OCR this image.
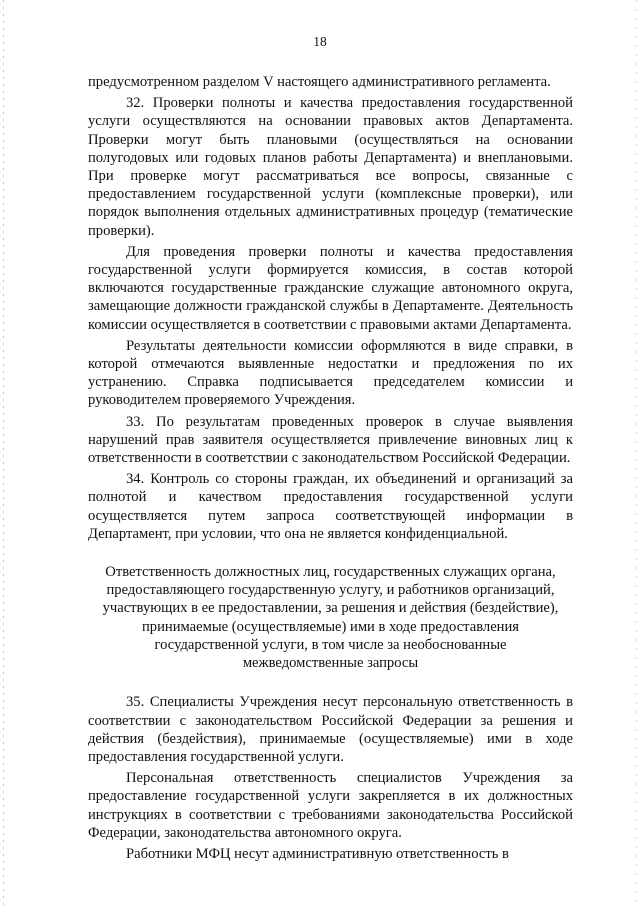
18

предусмотренном разделом V настоящего административного регламента.

32. Проверки полноты и качества предоставления государственной услуги осуществляются на основании правовых актов Департамента. Проверки могут быть плановыми (осуществляться на основании полугодовых или годовых планов работы Департамента) и внеплановыми. При проверке могут рассматриваться все вопросы, связанные с предоставлением государственной услуги (комплексные проверки), или порядок выполнения отдельных административных процедур (тематические проверки).

Для проведения проверки полноты и качества предоставления государственной услуги формируется комиссия, в состав которой включаются государственные гражданские служащие автономного округа, замещающие должности гражданской службы в Департаменте. Деятельность комиссии осуществляется в соответствии с правовыми актами Департамента.

Результаты деятельности комиссии оформляются в виде справки, в которой отмечаются выявленные недостатки и предложения по их устранению. Справка подписывается председателем комиссии и руководителем проверяемого Учреждения.

33. По результатам проведенных проверок в случае выявления нарушений прав заявителя осуществляется привлечение виновных лиц к ответственности в соответствии с законодательством Российской Федерации.

34. Контроль со стороны граждан, их объединений и организаций за полнотой и качеством предоставления государственной услуги осуществляется путем запроса соответствующей информации в Департамент, при условии, что она не является конфиденциальной.

Ответственность должностных лиц, государственных служащих органа,
предоставляющего государственную услугу, и работников организаций,
участвующих в ее предоставлении, за решения и действия (бездействие),
принимаемые (осуществляемые) ими в ходе предоставления
государственной услуги, в том числе за необоснованные
межведомственные запросы

35. Специалисты Учреждения несут персональную ответственность в соответствии с законодательством Российской Федерации за решения и действия (бездействия), принимаемые (осуществляемые) ими в ходе предоставления государственной услуги.

Персональная ответственность специалистов Учреждения за предоставление государственной услуги закрепляется в их должностных инструкциях в соответствии с требованиями законодательства Российской Федерации, законодательства автономного округа.

Работники МФЦ несут административную ответственность в
